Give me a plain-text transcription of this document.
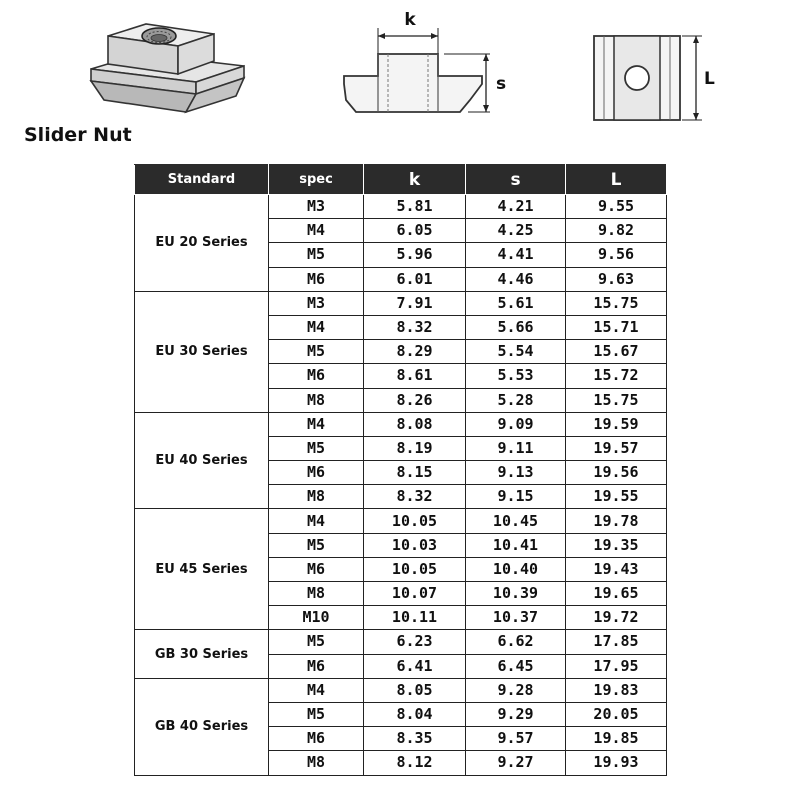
k
s	L
Slider Nut
Standard	spec	k	s	L
EU 20 Series	M3	5.81	4.21	9.55
	M4	6.05	4.25	9.82
	M5	5.96	4.41	9.56
	M6	6.01	4.46	9.63
EU 30 Series	M3	7.91	5.61	15.75
	M4	8.32	5.66	15.71
	M5	8.29	5.54	15.67
	M6	8.61	5.53	15.72
	M8	8.26	5.28	15.75
EU 40 Series	M4	8.08	9.09	19.59
	M5	8.19	9.11	19.57
	M6	8.15	9.13	19.56
	M8	8.32	9.15	19.55
EU 45 Series	M4	10.05	10.45	19.78
	M5	10.03	10.41	19.35
	M6	10.05	10.40	19.43
	M8	10.07	10.39	19.65
	M10	10.11	10.37	19.72
GB 30 Series	M5	6.23	6.62	17.85
	M6	6.41	6.45	17.95
GB 40 Series	M4	8.05	9.28	19.83
	M5	8.04	9.29	20.05
	M6	8.35	9.57	19.85
	M8	8.12	9.27	19.93
